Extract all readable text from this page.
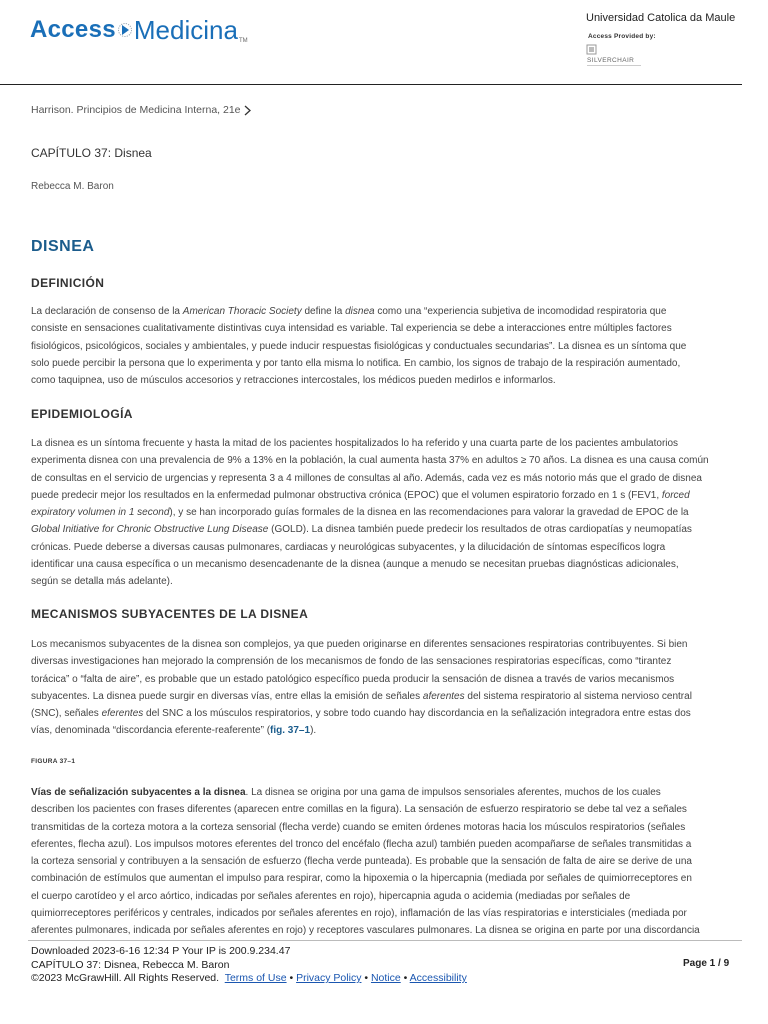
Access Medicina TM
Universidad Catolica da Maule
Access Provided by:
SILVERCHAIR
Harrison. Principios de Medicina Interna, 21e
CAPÍTULO 37: Disnea
Rebecca M. Baron
DISNEA
DEFINICIÓN

La declaración de consenso de la American Thoracic Society define la disnea como una “experiencia subjetiva de incomodidad respiratoria que

consiste en sensaciones cualitativamente distintivas cuya intensidad es variable. Tal experiencia se debe a interacciones entre múltiples factores

fisiológicos, psicológicos, sociales y ambientales, y puede inducir respuestas fisiológicas y conductuales secundarias”. La disnea es un síntoma que

solo puede percibir la persona que lo experimenta y por tanto ella misma lo notifica. En cambio, los signos de trabajo de la respiración aumentado,

como taquipnea, uso de músculos accesorios y retracciones intercostales, los médicos pueden medirlos e informarlos.

EPIDEMIOLOGÍA

La disnea es un síntoma frecuente y hasta la mitad de los pacientes hospitalizados lo ha referido y una cuarta parte de los pacientes ambulatorios

experimenta disnea con una prevalencia de 9% a 13% en la población, la cual aumenta hasta 37% en adultos ≥ 70 años. La disnea es una causa común

de consultas en el servicio de urgencias y representa 3 a 4 millones de consultas al año. Además, cada vez es más notorio más que el grado de disnea

puede predecir mejor los resultados en la enfermedad pulmonar obstructiva crónica (EPOC) que el volumen espiratorio forzado en 1 s (FEV1, forced

expiratory volumen in 1 second), y se han incorporado guías formales de la disnea en las recomendaciones para valorar la gravedad de EPOC de la

Global Initiative for Chronic Obstructive Lung Disease (GOLD). La disnea también puede predecir los resultados de otras cardiopatías y neumopatías

crónicas. Puede deberse a diversas causas pulmonares, cardiacas y neurológicas subyacentes, y la dilucidación de síntomas específicos logra

identificar una causa específica o un mecanismo desencadenante de la disnea (aunque a menudo se necesitan pruebas diagnósticas adicionales,

según se detalla más adelante).

MECANISMOS SUBYACENTES DE LA DISNEA

Los mecanismos subyacentes de la disnea son complejos, ya que pueden originarse en diferentes sensaciones respiratorias contribuyentes. Si bien

diversas investigaciones han mejorado la comprensión de los mecanismos de fondo de las sensaciones respiratorias específicas, como “tirantez

torácica” o “falta de aire”, es probable que un estado patológico específico pueda producir la sensación de disnea a través de varios mecanismos

subyacentes. La disnea puede surgir en diversas vías, entre ellas la emisión de señales aferentes del sistema respiratorio al sistema nervioso central

(SNC), señales eferentes del SNC a los músculos respiratorios, y sobre todo cuando hay discordancia en la señalización integradora entre estas dos

vías, denominada “discordancia eferente-reaferente” (fig. 37–1).

FIGURA 37–1

Vías de señalización subyacentes a la disnea. La disnea se origina por una gama de impulsos sensoriales aferentes, muchos de los cuales

describen los pacientes con frases diferentes (aparecen entre comillas en la figura). La sensación de esfuerzo respiratorio se debe tal vez a señales

transmitidas de la corteza motora a la corteza sensorial (flecha verde) cuando se emiten órdenes motoras hacia los músculos respiratorios (señales

eferentes, flecha azul). Los impulsos motores eferentes del tronco del encéfalo (flecha azul) también pueden acompañarse de señales transmitidas a

la corteza sensorial y contribuyen a la sensación de esfuerzo (flecha verde punteada). Es probable que la sensación de falta de aire se derive de una

combinación de estímulos que aumentan el impulso para respirar, como la hipoxemia o la hipercapnia (mediada por señales de quimiorreceptores en

el cuerpo carotídeo y el arco aórtico, indicadas por señales aferentes en rojo), hipercapnia aguda o acidemia (mediadas por señales de

quimiorreceptores periféricos y centrales, indicados por señales aferentes en rojo), inflamación de las vías respiratorias e intersticiales (mediada por

aferentes pulmonares, indicada por señales aferentes en rojo) y receptores vasculares pulmonares. La disnea se origina en parte por una discordancia

Downloaded 2023-6-16 12:34 P Your IP is 200.9.234.47
CAPÍTULO 37: Disnea, Rebecca M. Baron
©2023 McGrawHill. All Rights Reserved. Terms of Use • Privacy Policy • Notice • Accessibility
Page 1 / 9
